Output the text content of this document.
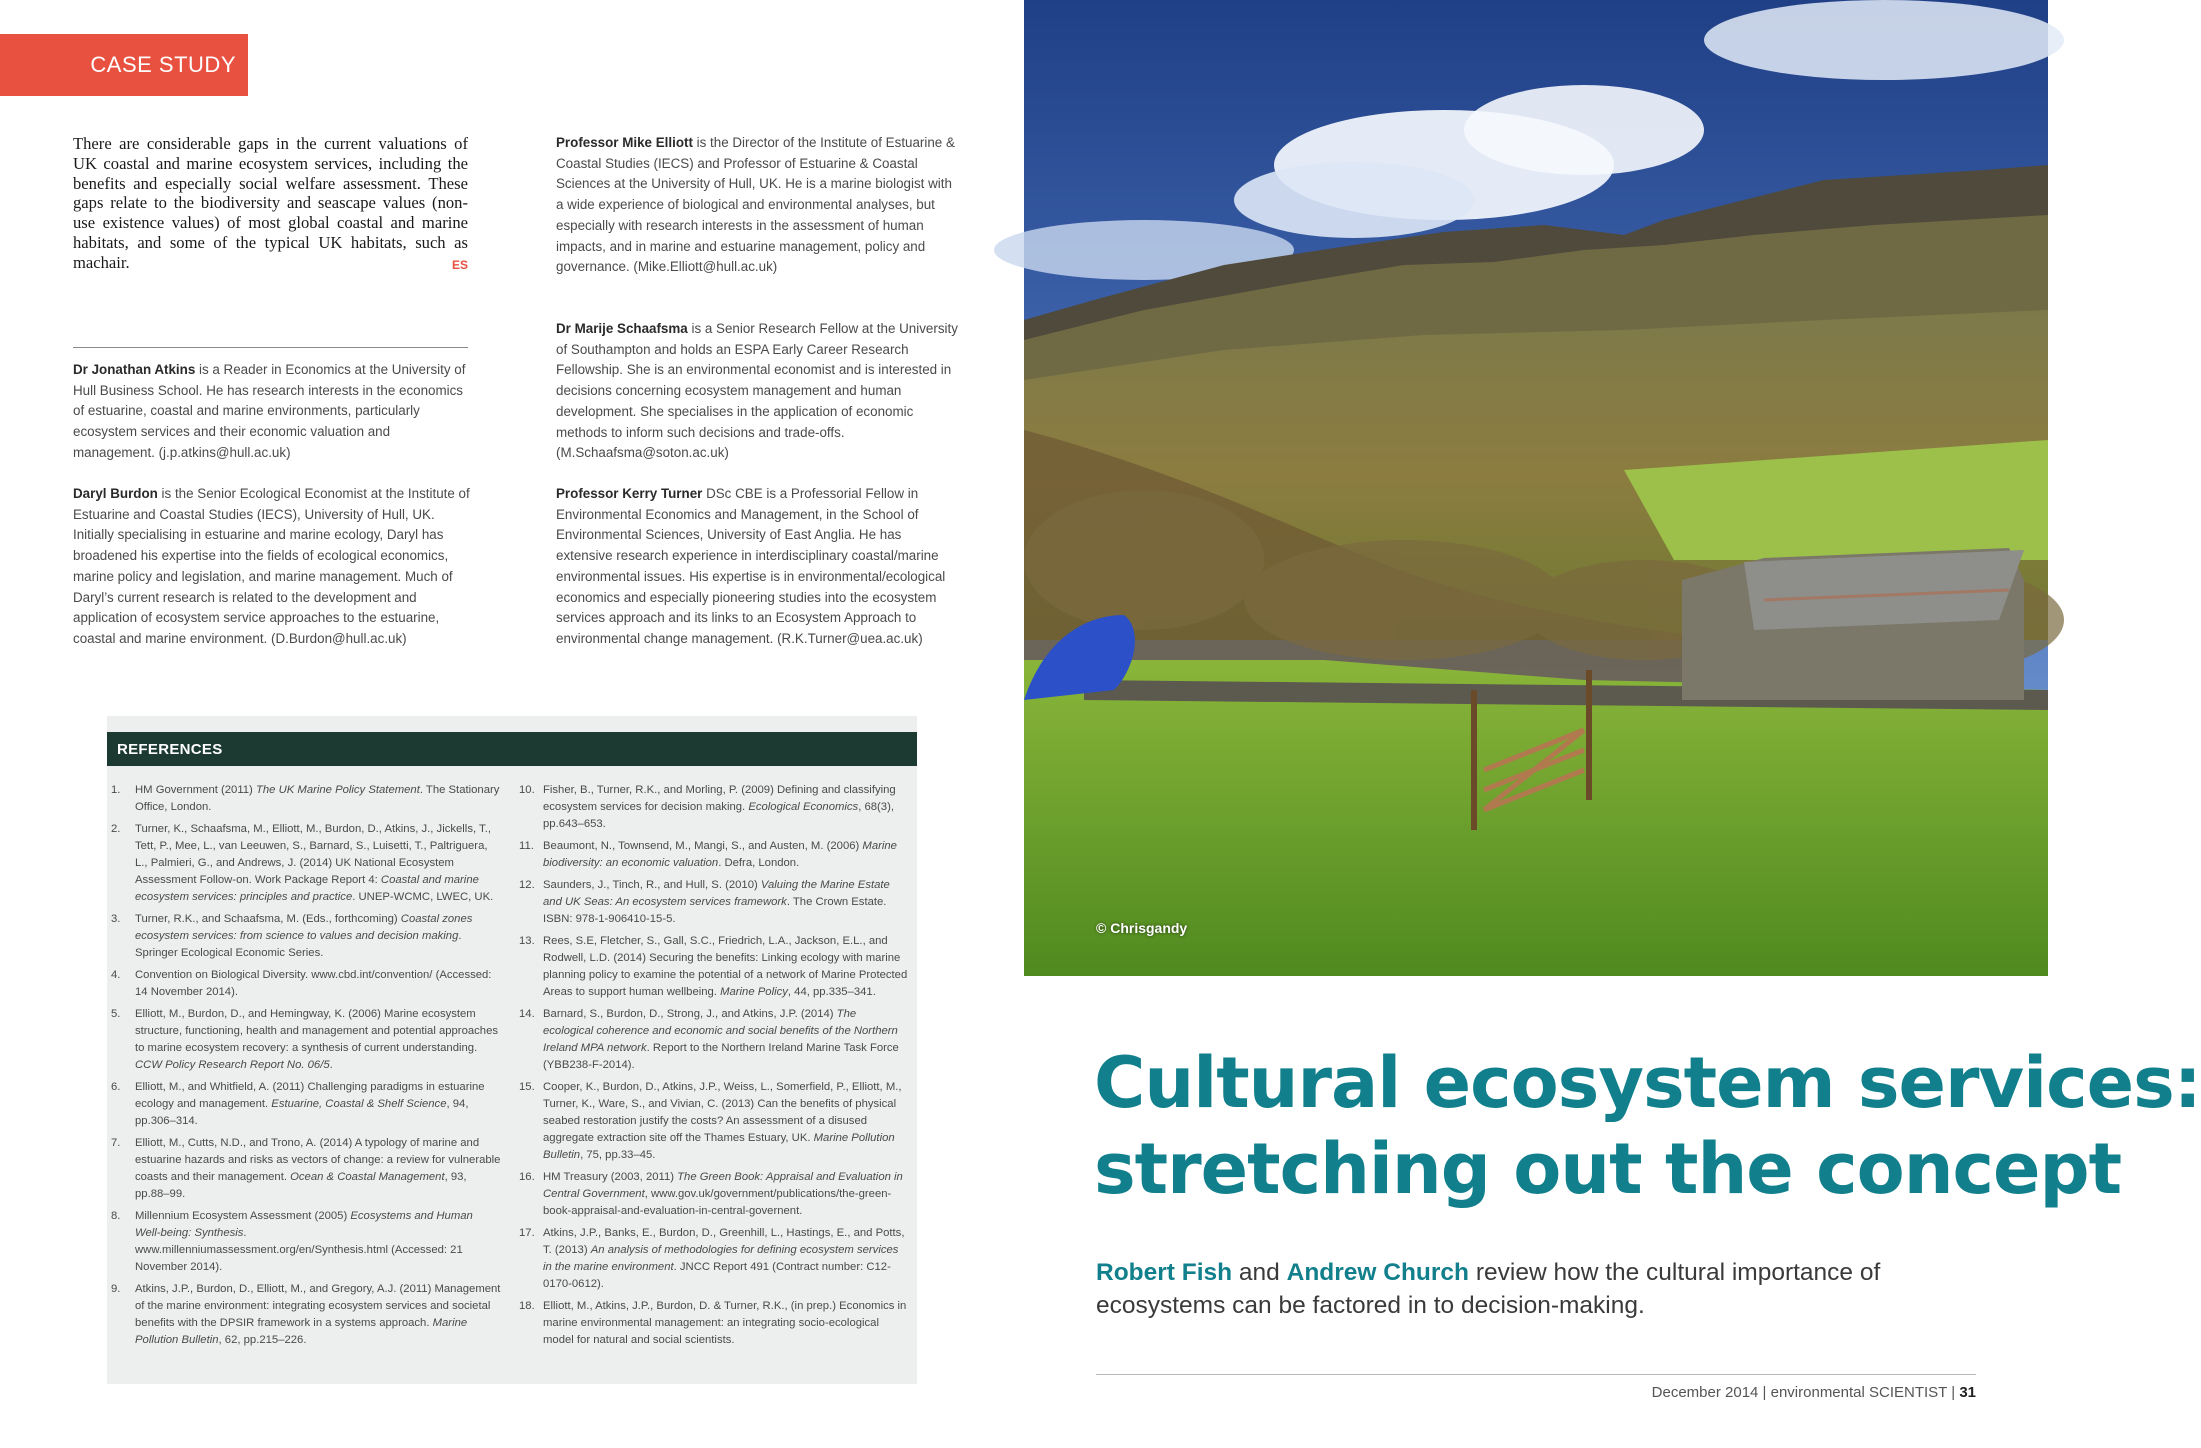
CASE STUDY
There are considerable gaps in the current valuations of UK coastal and marine ecosystem services, including the benefits and especially social welfare assessment. These gaps relate to the biodiversity and seascape values (non-use existence values) of most global coastal and marine habitats, and some of the typical UK habitats, such as machair.	ES

Dr Jonathan Atkins is a Reader in Economics at the University of Hull Business School. He has research interests in the economics of estuarine, coastal and marine environments, particularly ecosystem services and their economic valuation and management. (j.p.atkins@hull.ac.uk)

Daryl Burdon is the Senior Ecological Economist at the Institute of Estuarine and Coastal Studies (IECS), University of Hull, UK. Initially specialising in estuarine and marine ecology, Daryl has broadened his expertise into the fields of ecological economics, marine policy and legislation, and marine management. Much of Daryl’s current research is related to the development and application of ecosystem service approaches to the estuarine, coastal and marine environment. (D.Burdon@hull.ac.uk)

Professor Mike Elliott is the Director of the Institute of Estuarine & Coastal Studies (IECS) and Professor of Estuarine & Coastal Sciences at the University of Hull, UK. He is a marine biologist with a wide experience of biological and environmental analyses, but especially with research interests in the assessment of human impacts, and in marine and estuarine management, policy and governance. (Mike.Elliott@hull.ac.uk)

Dr Marije Schaafsma is a Senior Research Fellow at the University of Southampton and holds an ESPA Early Career Research Fellowship. She is an environmental economist and is interested in decisions concerning ecosystem management and human development. She specialises in the application of economic methods to inform such decisions and trade-offs. (M.Schaafsma@soton.ac.uk)

Professor Kerry Turner DSc CBE is a Professorial Fellow in Environmental Economics and Management, in the School of Environmental Sciences, University of East Anglia. He has extensive research experience in interdisciplinary coastal/marine environmental issues. His expertise is in environmental/ecological economics and especially pioneering studies into the ecosystem services approach and its links to an Ecosystem Approach to environmental change management. (R.K.Turner@uea.ac.uk)

REFERENCES
1.	HM Government (2011) The UK Marine Policy Statement. The Stationary Office, London.
2.	Turner, K., Schaafsma, M., Elliott, M., Burdon, D., Atkins, J., Jickells, T., Tett, P., Mee, L., van Leeuwen, S., Barnard, S., Luisetti, T., Paltriguera, L., Palmieri, G., and Andrews, J. (2014) UK National Ecosystem Assessment Follow-on. Work Package Report 4: Coastal and marine ecosystem services: principles and practice. UNEP-WCMC, LWEC, UK.
3.	Turner, R.K., and Schaafsma, M. (Eds., forthcoming) Coastal zones ecosystem services: from science to values and decision making. Springer Ecological Economic Series.
4.	Convention on Biological Diversity. www.cbd.int/convention/ (Accessed: 14 November 2014).
5.	Elliott, M., Burdon, D., and Hemingway, K. (2006) Marine ecosystem structure, functioning, health and management and potential approaches to marine ecosystem recovery: a synthesis of current understanding. CCW Policy Research Report No. 06/5.
6.	Elliott, M., and Whitfield, A. (2011) Challenging paradigms in estuarine ecology and management. Estuarine, Coastal & Shelf Science, 94, pp.306–314.
7.	Elliott, M., Cutts, N.D., and Trono, A. (2014) A typology of marine and estuarine hazards and risks as vectors of change: a review for vulnerable coasts and their management. Ocean & Coastal Management, 93, pp.88–99.
8.	Millennium Ecosystem Assessment (2005) Ecosystems and Human Well-being: Synthesis. www.millenniumassessment.org/en/Synthesis.html (Accessed: 21 November 2014).
9.	Atkins, J.P., Burdon, D., Elliott, M., and Gregory, A.J. (2011) Management of the marine environment: integrating ecosystem services and societal benefits with the DPSIR framework in a systems approach. Marine Pollution Bulletin, 62, pp.215–226.
10. Fisher, B., Turner, R.K., and Morling, P. (2009) Defining and classifying ecosystem services for decision making. Ecological Economics, 68(3), pp.643–653.
11. Beaumont, N., Townsend, M., Mangi, S., and Austen, M. (2006) Marine biodiversity: an economic valuation. Defra, London.
12. Saunders, J., Tinch, R., and Hull, S. (2010) Valuing the Marine Estate and UK Seas: An ecosystem services framework. The Crown Estate. ISBN: 978-1-906410-15-5.
13. Rees, S.E, Fletcher, S., Gall, S.C., Friedrich, L.A., Jackson, E.L., and Rodwell, L.D. (2014) Securing the benefits: Linking ecology with marine planning policy to examine the potential of a network of Marine Protected Areas to support human wellbeing. Marine Policy, 44, pp.335–341.
14. Barnard, S., Burdon, D., Strong, J., and Atkins, J.P. (2014) The ecological coherence and economic and social benefits of the Northern Ireland MPA network. Report to the Northern Ireland Marine Task Force (YBB238-F-2014).
15. Cooper, K., Burdon, D., Atkins, J.P., Weiss, L., Somerfield, P., Elliott, M., Turner, K., Ware, S., and Vivian, C. (2013) Can the benefits of physical seabed restoration justify the costs? An assessment of a disused aggregate extraction site off the Thames Estuary, UK. Marine Pollution Bulletin, 75, pp.33–45.
16. HM Treasury (2003, 2011) The Green Book: Appraisal and Evaluation in Central Government, www.gov.uk/government/publications/the-green-book-appraisal-and-evaluation-in-central-governent.
17. Atkins, J.P., Banks, E., Burdon, D., Greenhill, L., Hastings, E., and Potts, T. (2013) An analysis of methodologies for defining ecosystem services in the marine environment. JNCC Report 491 (Contract number: C12-0170-0612).
18. Elliott, M., Atkins, J.P., Burdon, D. & Turner, R.K., (in prep.) Economics in marine environmental management: an integrating socio-ecological model for natural and social scientists.
© Chrisgandy
Cultural ecosystem services:
stretching out the concept

Robert Fish and Andrew Church review how the cultural importance of ecosystems can be factored in to decision-making.

December 2014 | environmental SCIENTIST | 31
